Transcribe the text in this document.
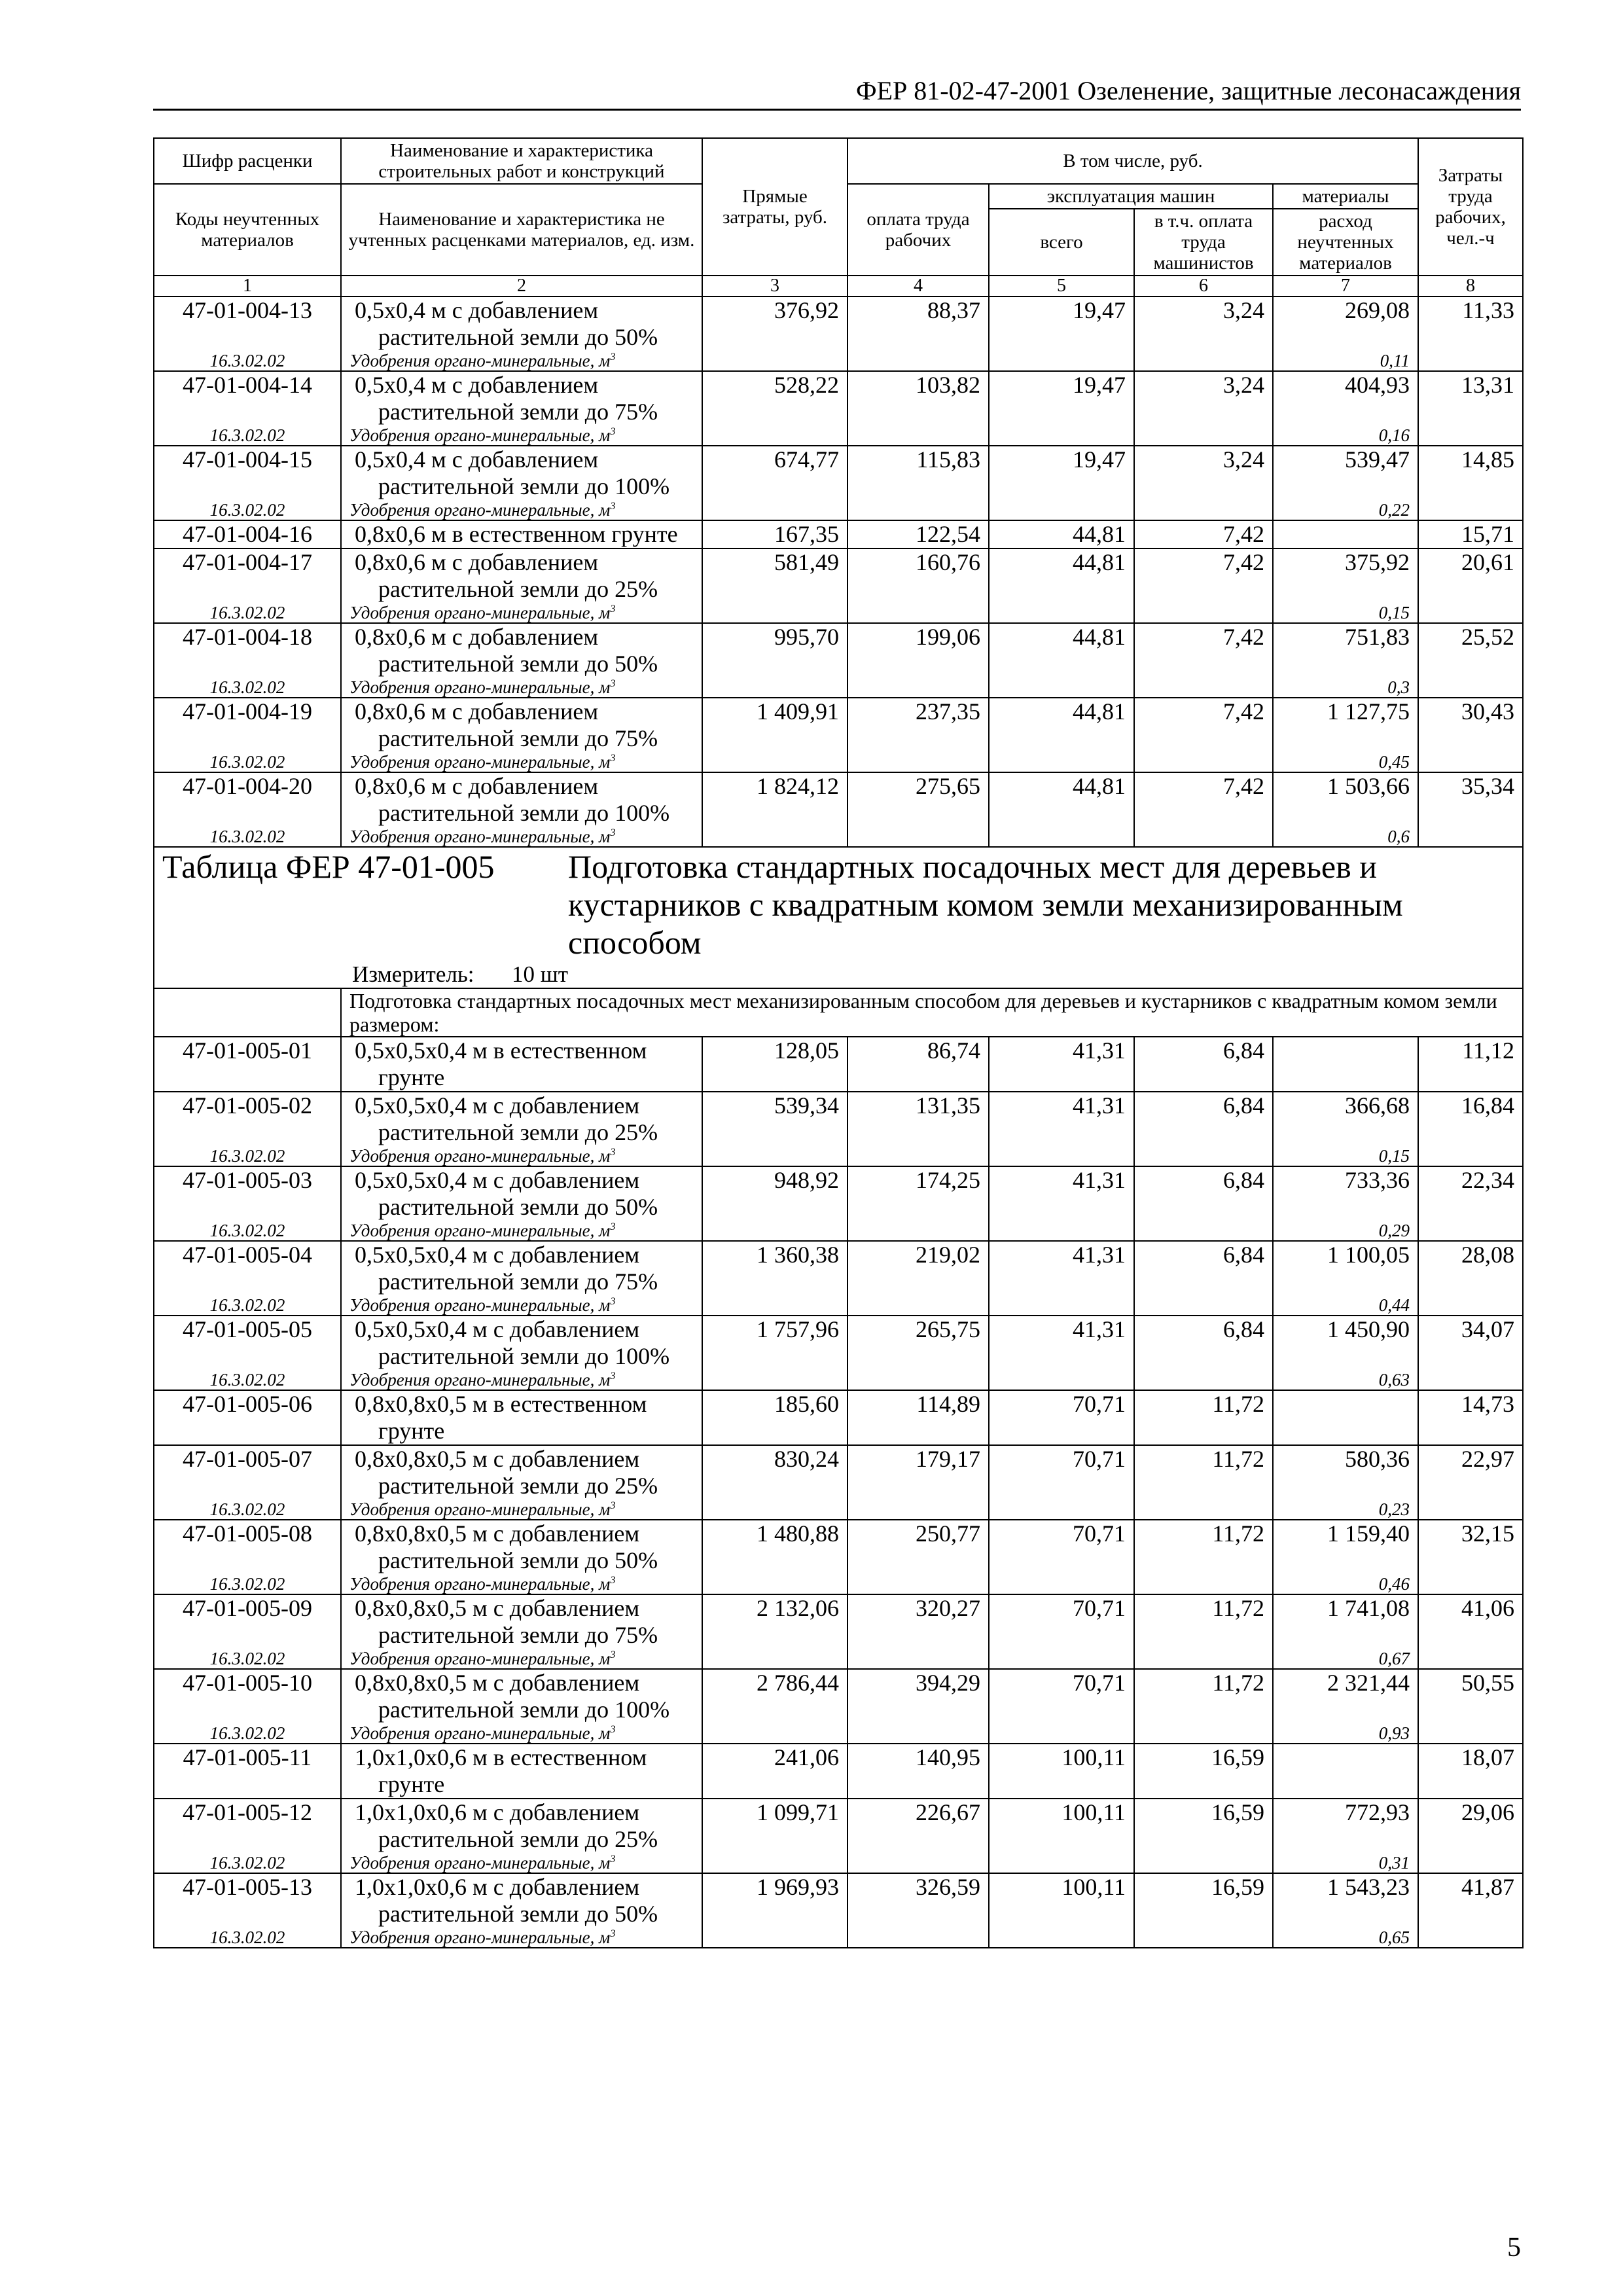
ФЕР 81-02-47-2001 Озеленение, защитные лесонасаждения
Шифр расценки	Наименование и характеристика строительных работ и конструкций	Прямые затраты, руб.	В том числе, руб.				Затраты труда рабочих, чел.-ч
Коды неучтенных материалов	Наименование и характеристика не учтенных расценками материалов, ед. изм.		оплата труда рабочих	эксплуатация машин		материалы	
				всего	в т.ч. оплата труда машинистов	расход неучтенных материалов	
1	2	3	4	5	6	7	8
47-01-004-13	0,5х0,4 м с добавлением растительной земли до 50%	376,92	88,37	19,47	3,24	269,08	11,33
16.3.02.02	Удобрения органо-минеральные, $м^3$					0,11	
47-01-004-14	0,5х0,4 м с добавлением растительной земли до 75%	528,22	103,82	19,47	3,24	404,93	13,31
16.3.02.02	Удобрения органо-минеральные, $м^3$					0,16	
47-01-004-15	0,5х0,4 м с добавлением растительной земли до 100%	674,77	115,83	19,47	3,24	539,47	14,85
16.3.02.02	Удобрения органо-минеральные, $м^3$					0,22	
47-01-004-16	0,8х0,6 м в естественном грунте	167,35	122,54	44,81	7,42		15,71
47-01-004-17	0,8х0,6 м с добавлением растительной земли до 25%	581,49	160,76	44,81	7,42	375,92	20,61
16.3.02.02	Удобрения органо-минеральные, $м^3$					0,15	
47-01-004-18	0,8х0,6 м с добавлением растительной земли до 50%	995,70	199,06	44,81	7,42	751,83	25,52
16.3.02.02	Удобрения органо-минеральные, $м^3$					0,3	
47-01-004-19	0,8х0,6 м с добавлением растительной земли до 75%	1 409,91	237,35	44,81	7,42	1 127,75	30,43
16.3.02.02	Удобрения органо-минеральные, $м^3$					0,45	
47-01-004-20	0,8х0,6 м с добавлением растительной земли до 100%	1 824,12	275,65	44,81	7,42	1 503,66	35,34
16.3.02.02	Удобрения органо-минеральные, $м^3$					0,6	

Таблица ФЕР 47-01-005 Подготовка стандартных посадочных мест для деревьев и кустарников с квадратным комом земли механизированным способом
Измеритель: 10 шт							

	Подготовка стандартных посадочных мест механизированным способом для деревьев и кустарников с квадратным комом земли размером:						
47-01-005-01	0,5х0,5х0,4 м в естественном грунте	128,05	86,74	41,31	6,84		11,12
47-01-005-02	0,5х0,5х0,4 м с добавлением растительной земли до 25%	539,34	131,35	41,31	6,84	366,68	16,84
16.3.02.02	Удобрения органо-минеральные, $м^3$					0,15	
47-01-005-03	0,5х0,5х0,4 м с добавлением растительной земли до 50%	948,92	174,25	41,31	6,84	733,36	22,34
16.3.02.02	Удобрения органо-минеральные, $м^3$					0,29	
47-01-005-04	0,5х0,5х0,4 м с добавлением растительной земли до 75%	1 360,38	219,02	41,31	6,84	1 100,05	28,08
16.3.02.02	Удобрения органо-минеральные, $м^3$					0,44	
47-01-005-05	0,5х0,5х0,4 м с добавлением растительной земли до 100%	1 757,96	265,75	41,31	6,84	1 450,90	34,07
16.3.02.02	Удобрения органо-минеральные, $м^3$					0,63	
47-01-005-06	0,8х0,8х0,5 м в естественном грунте	185,60	114,89	70,71	11,72		14,73
47-01-005-07	0,8х0,8х0,5 м с добавлением растительной земли до 25%	830,24	179,17	70,71	11,72	580,36	22,97
16.3.02.02	Удобрения органо-минеральные, $м^3$					0,23	
47-01-005-08	0,8х0,8х0,5 м с добавлением растительной земли до 50%	1 480,88	250,77	70,71	11,72	1 159,40	32,15
16.3.02.02	Удобрения органо-минеральные, $м^3$					0,46	
47-01-005-09	0,8х0,8х0,5 м с добавлением растительной земли до 75%	2 132,06	320,27	70,71	11,72	1 741,08	41,06
16.3.02.02	Удобрения органо-минеральные, $м^3$					0,67	
47-01-005-10	0,8х0,8х0,5 м с добавлением растительной земли до 100%	2 786,44	394,29	70,71	11,72	2 321,44	50,55
16.3.02.02	Удобрения органо-минеральные, $м^3$					0,93	
47-01-005-11	1,0х1,0х0,6 м в естественном грунте	241,06	140,95	100,11	16,59		18,07
47-01-005-12	1,0х1,0х0,6 м с добавлением растительной земли до 25%	1 099,71	226,67	100,11	16,59	772,93	29,06
16.3.02.02	Удобрения органо-минеральные, $м^3$					0,31	
47-01-005-13	1,0х1,0х0,6 м с добавлением растительной земли до 50%	1 969,93	326,59	100,11	16,59	1 543,23	41,87
16.3.02.02	Удобрения органо-минеральные, $м^3$					0,65	
5
